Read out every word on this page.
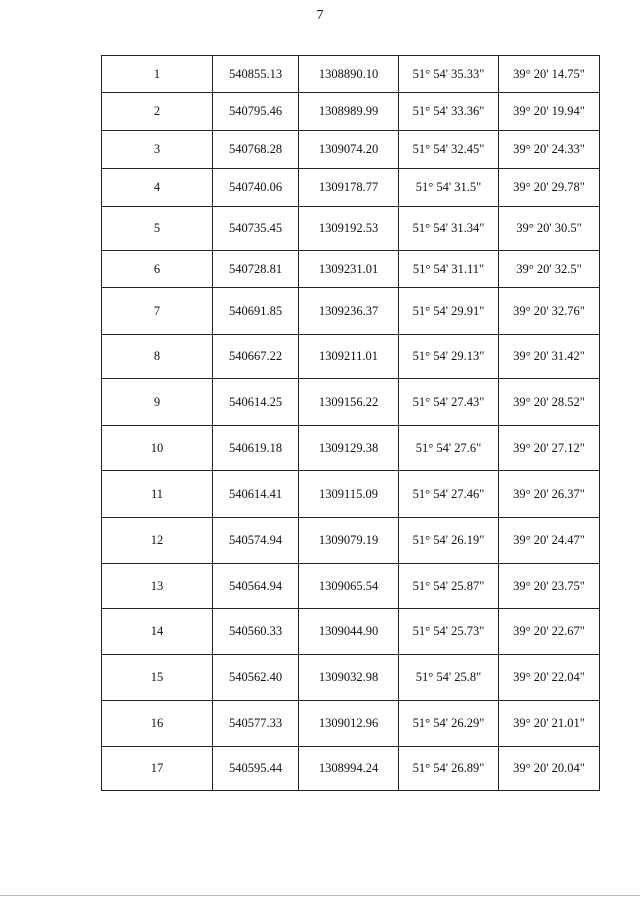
7
1	540855.13	1308890.10	51° 54' 35.33"	39° 20' 14.75"
2	540795.46	1308989.99	51° 54' 33.36"	39° 20' 19.94"
3	540768.28	1309074.20	51° 54' 32.45"	39° 20' 24.33"
4	540740.06	1309178.77	51° 54' 31.5"	39° 20' 29.78"
5	540735.45	1309192.53	51° 54' 31.34"	39° 20' 30.5"
6	540728.81	1309231.01	51° 54' 31.11"	39° 20' 32.5"
7	540691.85	1309236.37	51° 54' 29.91"	39° 20' 32.76"
8	540667.22	1309211.01	51° 54' 29.13"	39° 20' 31.42"
9	540614.25	1309156.22	51° 54' 27.43"	39° 20' 28.52"
10	540619.18	1309129.38	51° 54' 27.6"	39° 20' 27.12"
11	540614.41	1309115.09	51° 54' 27.46"	39° 20' 26.37"
12	540574.94	1309079.19	51° 54' 26.19"	39° 20' 24.47"
13	540564.94	1309065.54	51° 54' 25.87"	39° 20' 23.75"
14	540560.33	1309044.90	51° 54' 25.73"	39° 20' 22.67"
15	540562.40	1309032.98	51° 54' 25.8"	39° 20' 22.04"
16	540577.33	1309012.96	51° 54' 26.29"	39° 20' 21.01"
17	540595.44	1308994.24	51° 54' 26.89"	39° 20' 20.04"
